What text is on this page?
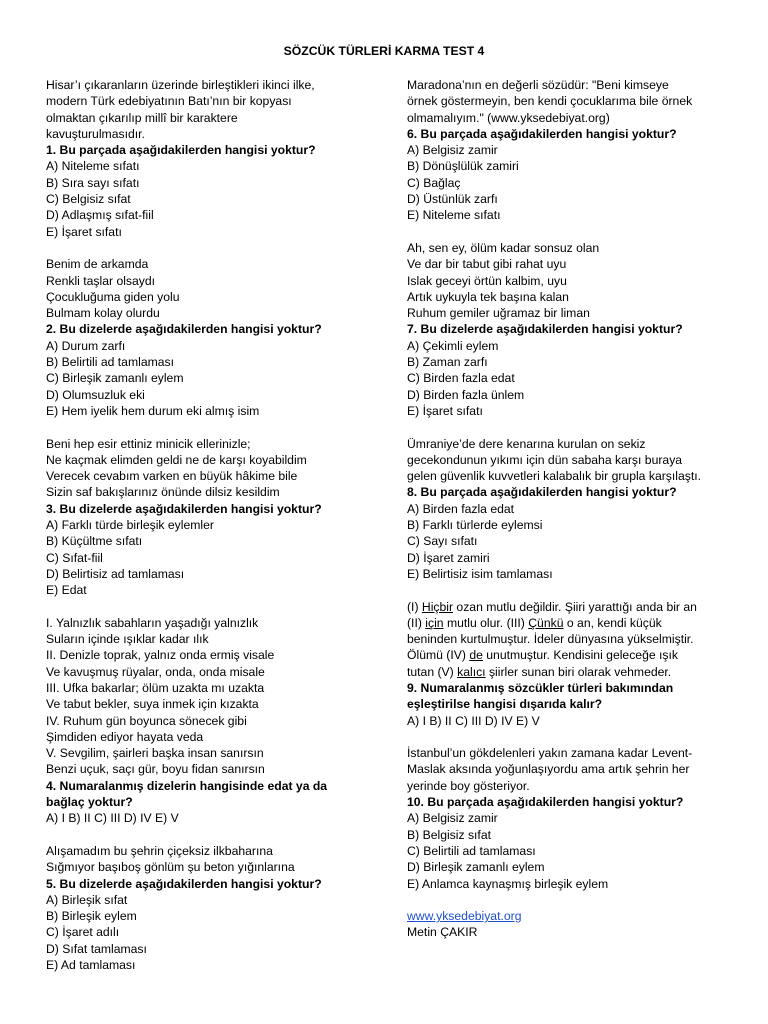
SÖZCÜK TÜRLERİ KARMA TEST 4
Hisar’ı çıkaranların üzerinde birleştikleri ikinci ilke,
modern Türk edebiyatının Batı’nın bir kopyası
olmaktan çıkarılıp millî bir karaktere
kavuşturulmasıdır.
1. Bu parçada aşağıdakilerden hangisi yoktur?
A) Niteleme sıfatı
B) Sıra sayı sıfatı
C) Belgisiz sıfat
D) Adlaşmış sıfat-fiil
E) İşaret sıfatı
Benim de arkamda
Renkli taşlar olsaydı
Çocukluğuma giden yolu
Bulmam kolay olurdu
2. Bu dizelerde aşağıdakilerden hangisi yoktur?
A) Durum zarfı
B) Belirtili ad tamlaması
C) Birleşik zamanlı eylem
D) Olumsuzluk eki
E) Hem iyelik hem durum eki almış isim
Beni hep esir ettiniz minicik ellerinizle;
Ne kaçmak elimden geldi ne de karşı koyabildim
Verecek cevabım varken en büyük hâkime bile
Sizin saf bakışlarınız önünde dilsiz kesildim
3. Bu dizelerde aşağıdakilerden hangisi yoktur?
A) Farklı türde birleşik eylemler
B) Küçültme sıfatı
C) Sıfat-fiil
D) Belirtisiz ad tamlaması
E) Edat
I. Yalnızlık sabahların yaşadığı yalnızlık
Suların içinde ışıklar kadar ılık
II. Denizle toprak, yalnız onda ermiş visale
Ve kavuşmuş rüyalar, onda, onda misale
III. Ufka bakarlar; ölüm uzakta mı uzakta
Ve tabut bekler, suya inmek için kızakta
IV. Ruhum gün boyunca sönecek gibi
Şimdiden ediyor hayata veda
V. Sevgilim, şairleri başka insan sanırsın
Benzi uçuk, saçı gür, boyu fidan sanırsın
4. Numaralanmış dizelerin hangisinde edat ya da
bağlaç yoktur?
A) I B) II C) III D) IV E) V
Alışamadım bu şehrin çiçeksiz ilkbaharına
Sığmıyor başıboş gönlüm şu beton yığınlarına
5. Bu dizelerde aşağıdakilerden hangisi yoktur?
A) Birleşik sıfat
B) Birleşik eylem
C) İşaret adılı
D) Sıfat tamlaması
E) Ad tamlaması
Maradona’nın en değerli sözüdür: "Beni kimseye
örnek göstermeyin, ben kendi çocuklarıma bile örnek
olmamalıyım." (www.yksedebiyat.org)
6. Bu parçada aşağıdakilerden hangisi yoktur?
A) Belgisiz zamir
B) Dönüşlülük zamiri
C) Bağlaç
D) Üstünlük zarfı
E) Niteleme sıfatı
Ah, sen ey, ölüm kadar sonsuz olan
Ve dar bir tabut gibi rahat uyu
Islak geceyi örtün kalbim, uyu
Artık uykuyla tek başına kalan
Ruhum gemiler uğramaz bir liman
7. Bu dizelerde aşağıdakilerden hangisi yoktur?
A) Çekimli eylem
B) Zaman zarfı
C) Birden fazla edat
D) Birden fazla ünlem
E) İşaret sıfatı
Ümraniye’de dere kenarına kurulan on sekiz
gecekondunun yıkımı için dün sabaha karşı buraya
gelen güvenlik kuvvetleri kalabalık bir grupla karşılaştı.
8. Bu parçada aşağıdakilerden hangisi yoktur?
A) Birden fazla edat
B) Farklı türlerde eylemsi
C) Sayı sıfatı
D) İşaret zamiri
E) Belirtisiz isim tamlaması
(I) Hiçbir ozan mutlu değildir. Şiiri yarattığı anda bir an
(II) için mutlu olur. (III) Çünkü o an, kendi küçük
beninden kurtulmuştur. İdeler dünyasına yükselmiştir.
Ölümü (IV) de unutmuştur. Kendisini geleceğe ışık
tutan (V) kalıcı şiirler sunan biri olarak vehmeder.
9. Numaralanmış sözcükler türleri bakımından
eşleştirilse hangisi dışarıda kalır?
A) I B) II C) III D) IV E) V
İstanbul’un gökdelenleri yakın zamana kadar Levent-
Maslak aksında yoğunlaşıyordu ama artık şehrin her
yerinde boy gösteriyor.
10. Bu parçada aşağıdakilerden hangisi yoktur?
A) Belgisiz zamir
B) Belgisiz sıfat
C) Belirtili ad tamlaması
D) Birleşik zamanlı eylem
E) Anlamca kaynaşmış birleşik eylem
www.yksedebiyat.org
Metin ÇAKIR
